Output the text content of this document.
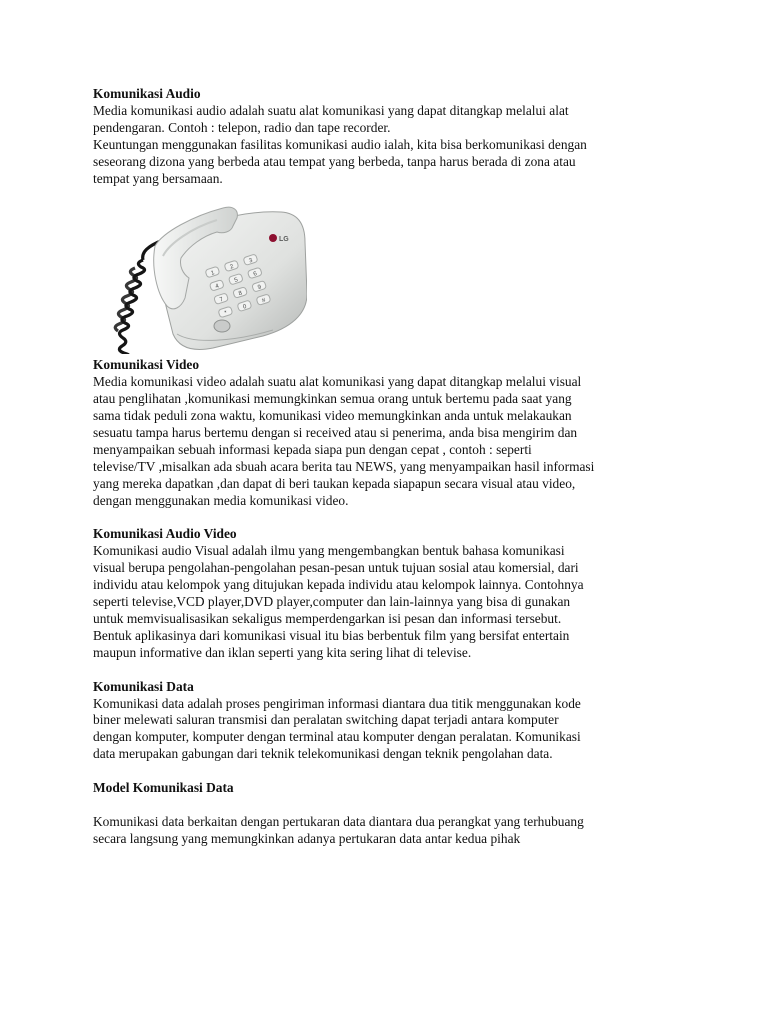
Komunikasi Audio

Media komunikasi audio adalah suatu alat komunikasi yang dapat ditangkap melalui alat
pendengaran. Contoh : telepon, radio dan tape recorder.
Keuntungan menggunakan fasilitas komunikasi audio ialah, kita bisa berkomunikasi dengan
seseorang dizona yang berbeda atau tempat yang berbeda, tanpa harus berada di zona atau
tempat yang bersamaan.

LG
1
2
3
4
5
6
7
8
9
*
0
#

Komunikasi Video

Media komunikasi video adalah suatu alat komunikasi yang dapat ditangkap melalui visual
atau penglihatan ,komunikasi memungkinkan semua orang untuk bertemu pada saat yang
sama tidak peduli zona waktu, komunikasi video memungkinkan anda untuk melakaukan
sesuatu tampa harus bertemu dengan si received atau si penerima, anda bisa mengirim dan
menyampaikan sebuah informasi kepada siapa pun dengan cepat , contoh : seperti
televise/TV ,misalkan ada sbuah acara berita tau NEWS, yang menyampaikan hasil informasi
yang mereka dapatkan ,dan dapat di beri taukan kepada siapapun secara visual atau video,
dengan menggunakan media komunikasi video.

Komunikasi Audio Video

Komunikasi audio Visual adalah ilmu yang mengembangkan bentuk bahasa komunikasi
visual berupa pengolahan-pengolahan pesan-pesan untuk tujuan sosial atau komersial, dari
individu atau kelompok yang ditujukan kepada individu atau kelompok lainnya. Contohnya
seperti televise,VCD player,DVD player,computer dan lain-lainnya yang bisa di gunakan
untuk memvisualisasikan sekaligus memperdengarkan isi pesan dan informasi tersebut.
Bentuk aplikasinya dari komunikasi visual itu bias berbentuk film yang bersifat entertain
maupun informative dan iklan seperti yang kita sering lihat di televise.

Komunikasi Data

Komunikasi data adalah proses pengiriman informasi diantara dua titik menggunakan kode
biner melewati saluran transmisi dan peralatan switching dapat terjadi antara komputer
dengan komputer, komputer dengan terminal atau komputer dengan peralatan. Komunikasi
data merupakan gabungan dari teknik telekomunikasi dengan teknik pengolahan data.

Model Komunikasi Data

Komunikasi data berkaitan dengan pertukaran data diantara dua perangkat yang terhubuang
secara langsung yang memungkinkan adanya pertukaran data antar kedua pihak
